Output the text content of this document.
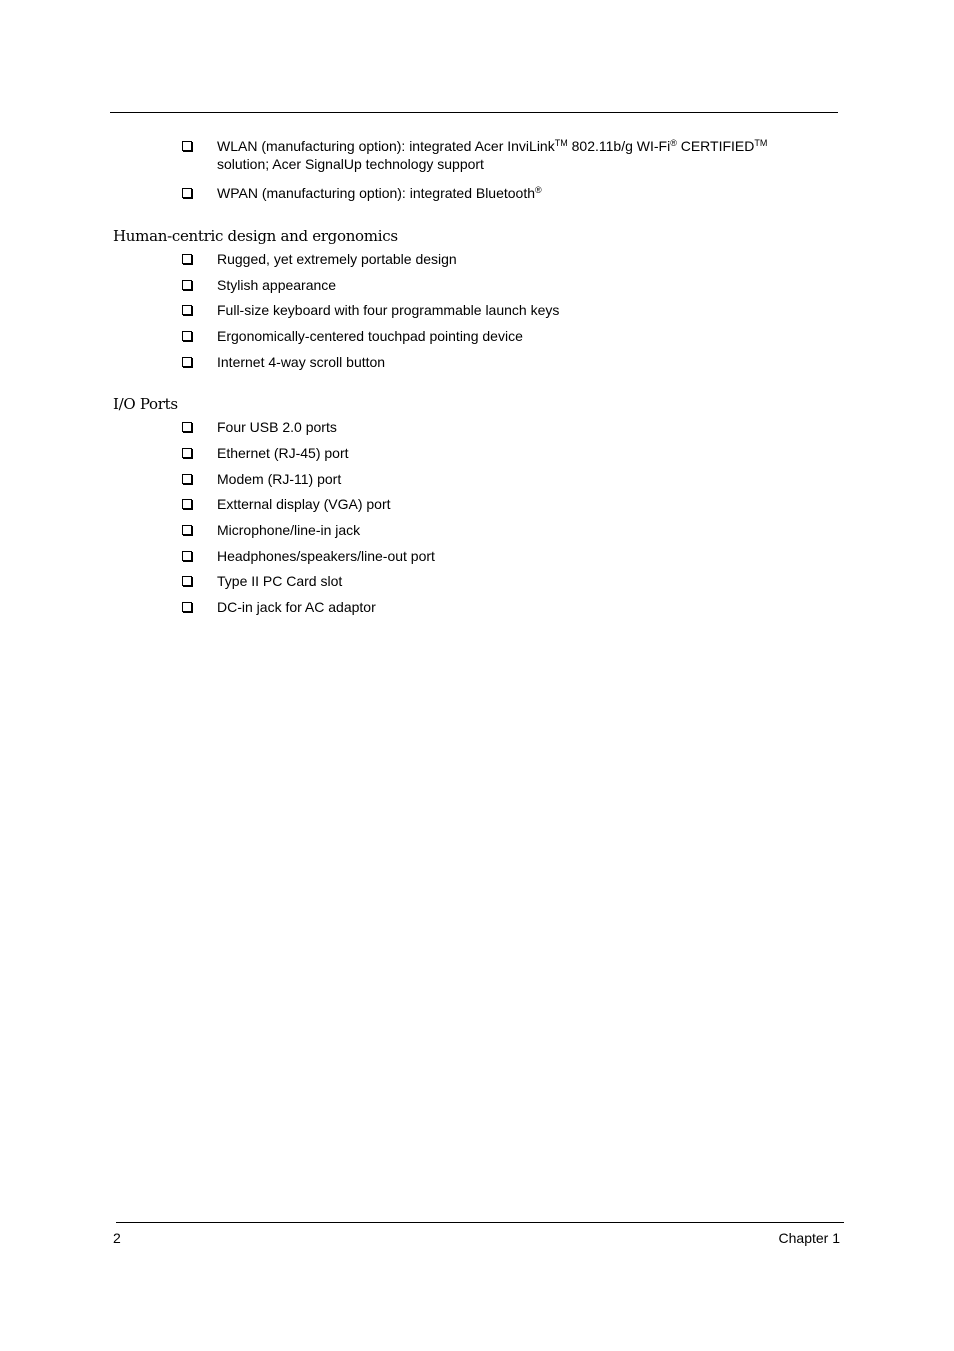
WLAN (manufacturing option): integrated Acer InviLink™ 802.11b/g WI-Fi® CERTIFIED™
solution; Acer SignalUp technology support
WPAN (manufacturing option): integrated Bluetooth®
Human-centric design and ergonomics
Rugged, yet extremely portable design
Stylish appearance
Full-size keyboard with four programmable launch keys
Ergonomically-centered touchpad pointing device
Internet 4-way scroll button
I/O Ports
Four USB 2.0 ports
Ethernet (RJ-45) port
Modem (RJ-11) port
Extternal display (VGA) port
Microphone/line-in jack
Headphones/speakers/line-out port
Type II PC Card slot
DC-in jack for AC adaptor
2	Chapter 1
